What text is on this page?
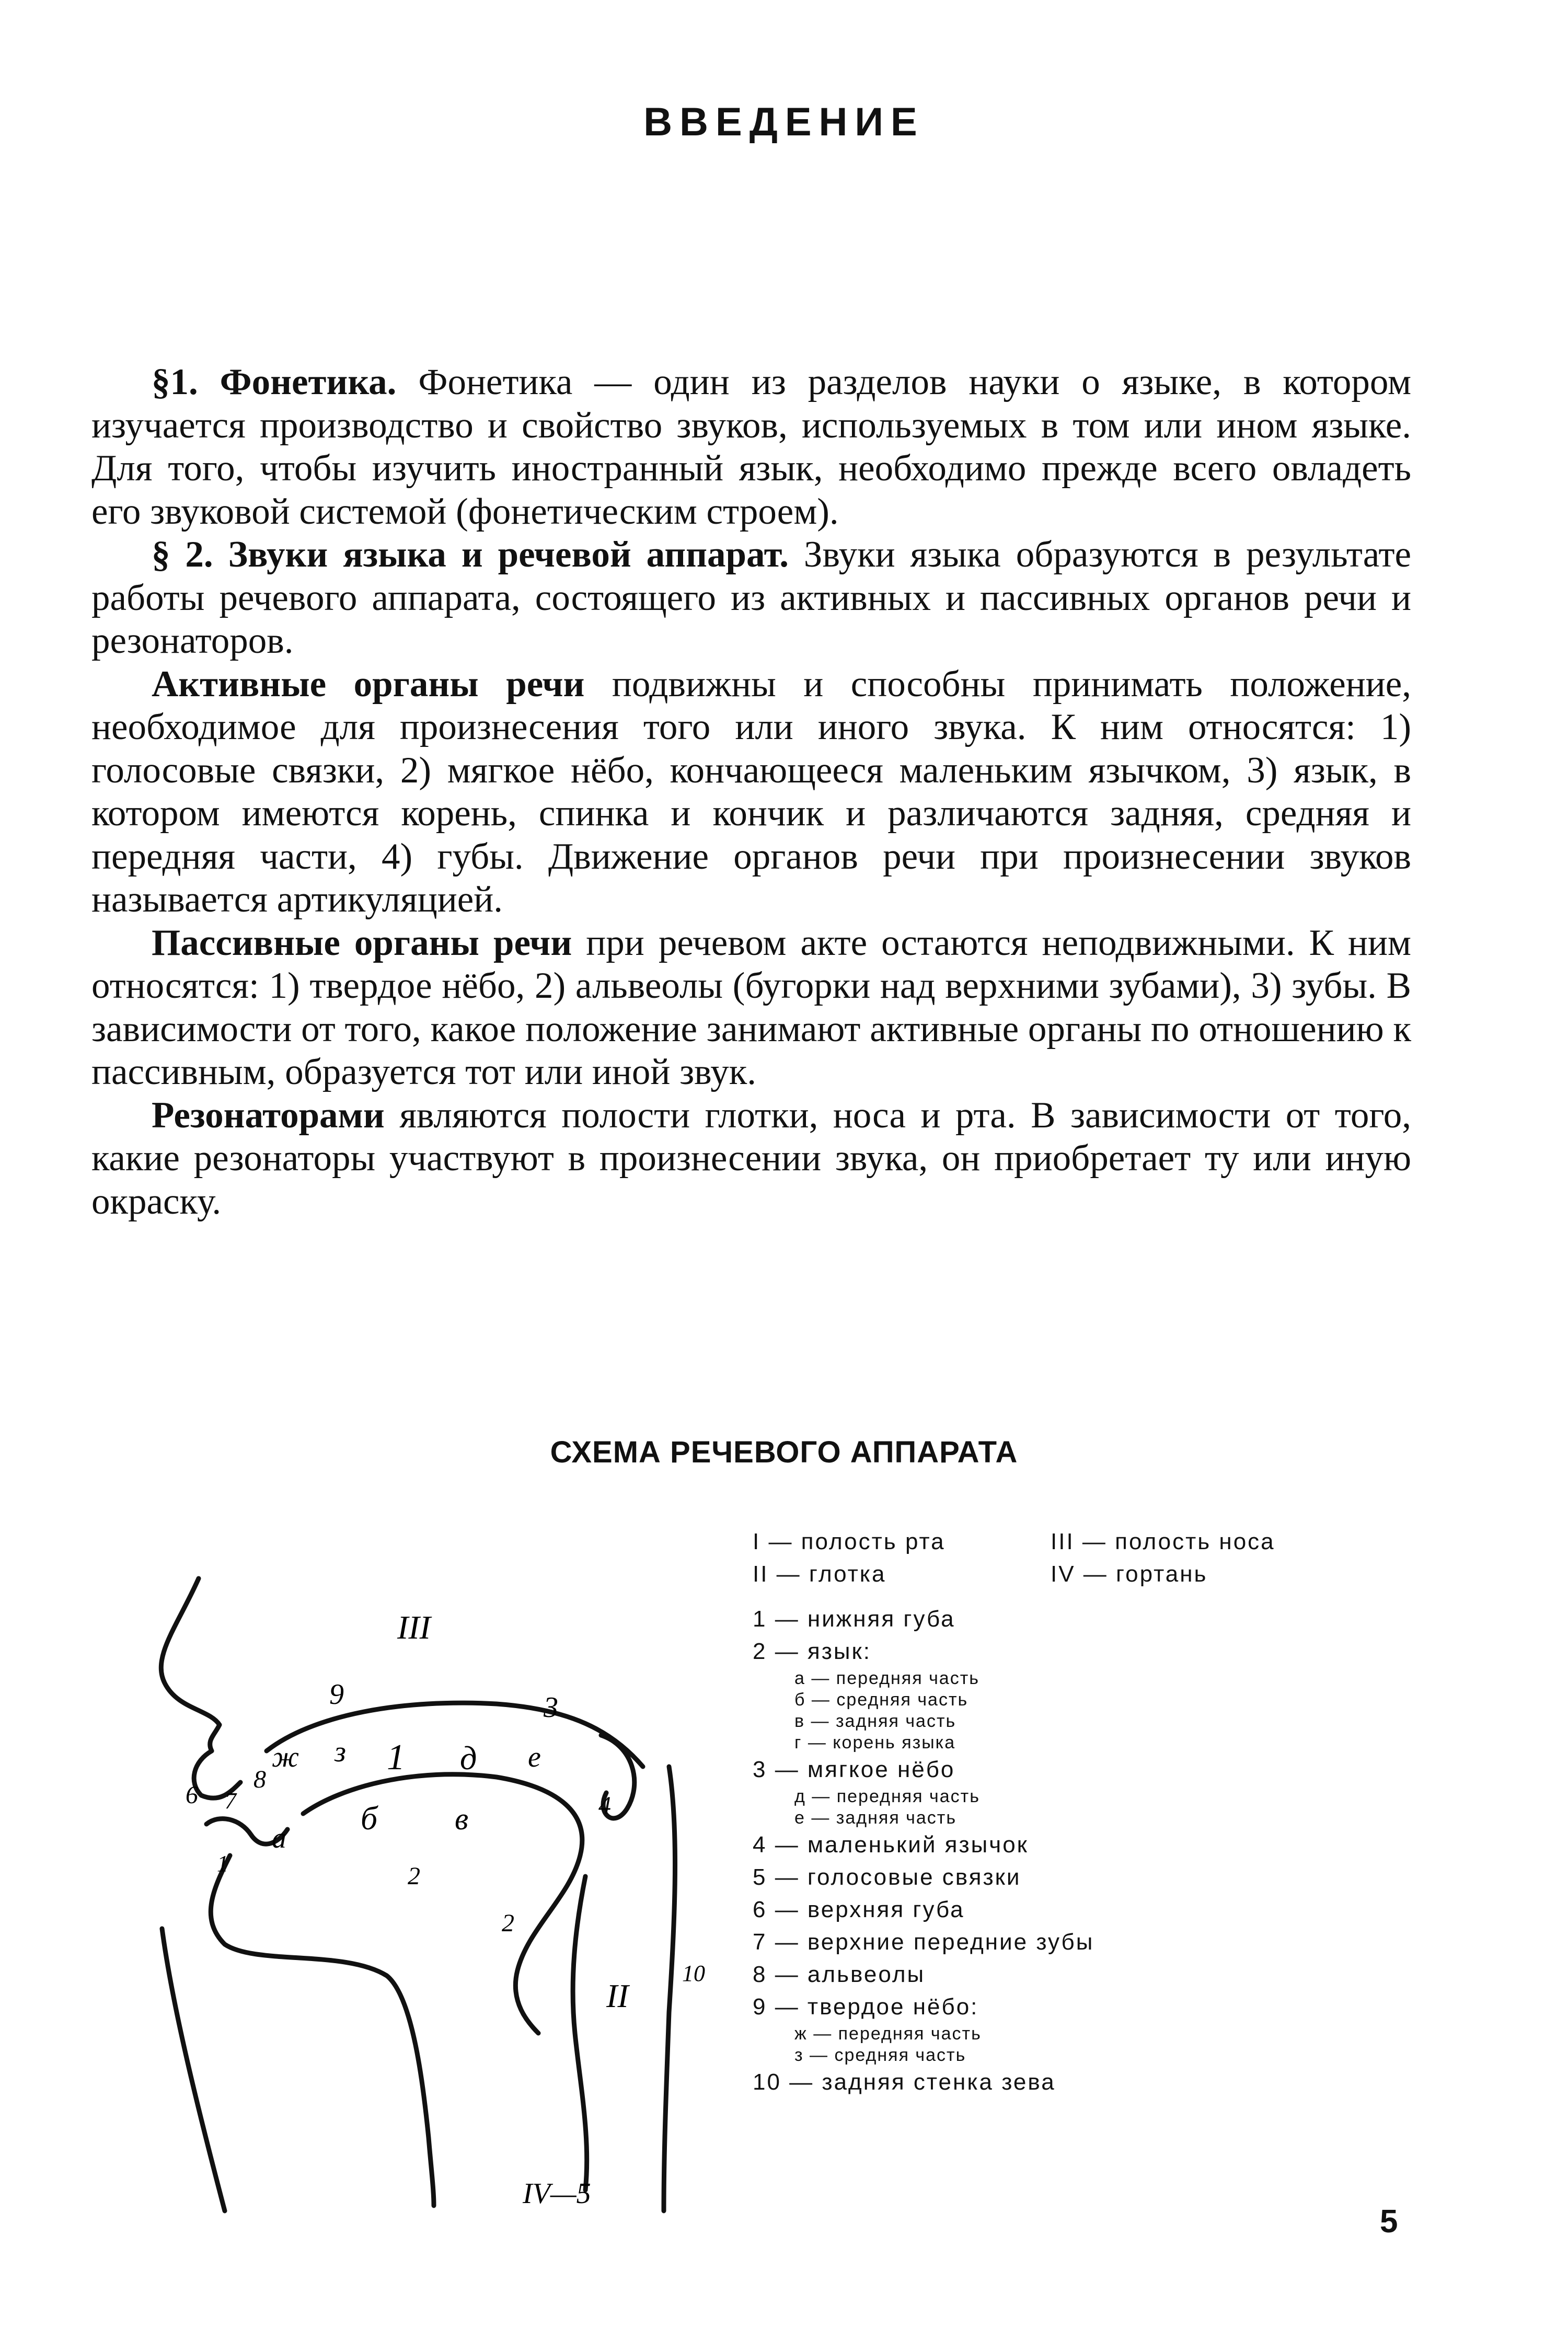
ВВЕДЕНИЕ

§1. Фонетика. Фонетика — один из разделов науки о языке, в котором изучается производство и свойство звуков, используемых в том или ином языке. Для того, чтобы изучить иностранный язык, необходимо прежде всего овладеть его звуковой системой (фонетическим строем).

§ 2. Звуки языка и речевой аппарат. Звуки языка образуются в результате работы речевого аппарата, состоящего из активных и пассивных органов речи и резонаторов.

Активные органы речи подвижны и способны принимать положение, необходимое для произнесения того или иного звука. К ним относятся: 1) голосовые связки, 2) мягкое нёбо, кончающееся маленьким язычком, 3) язык, в котором имеются корень, спинка и кончик и различаются задняя, средняя и передняя части, 4) губы. Движение органов речи при произнесении звуков называется артикуляцией.

Пассивные органы речи при речевом акте остаются неподвижными. К ним относятся: 1) твердое нёбо, 2) альвеолы (бугорки над верхними зубами), 3) зубы. В зависимости от того, какое положение занимают активные органы по отношению к пассивным, образуется тот или иной звук.

Резонаторами являются полости глотки, носа и рта. В зависимости от того, какие резонаторы участвуют в произнесении звука, он приобретает ту или иную окраску.

СХЕМА РЕЧЕВОГО АППАРАТА
III
9	3
ж з 1 д е
8
6 7
а
б в	4
1	2
2
II
10
IV—5
I — полость рта	III — полость носа
II — глотка	IV — гортань
1 — нижняя губа
2 — язык:
а — передняя часть
б — средняя часть
в — задняя часть
г — корень языка
3 — мягкое нёбо
д — передняя часть
е — задняя часть
4 — маленький язычок
5 — голосовые связки
6 — верхняя губа
7 — верхние передние зубы
8 — альвеолы
9 — твердое нёбо:
ж — передняя часть
з — средняя часть
10 — задняя стенка зева
5
